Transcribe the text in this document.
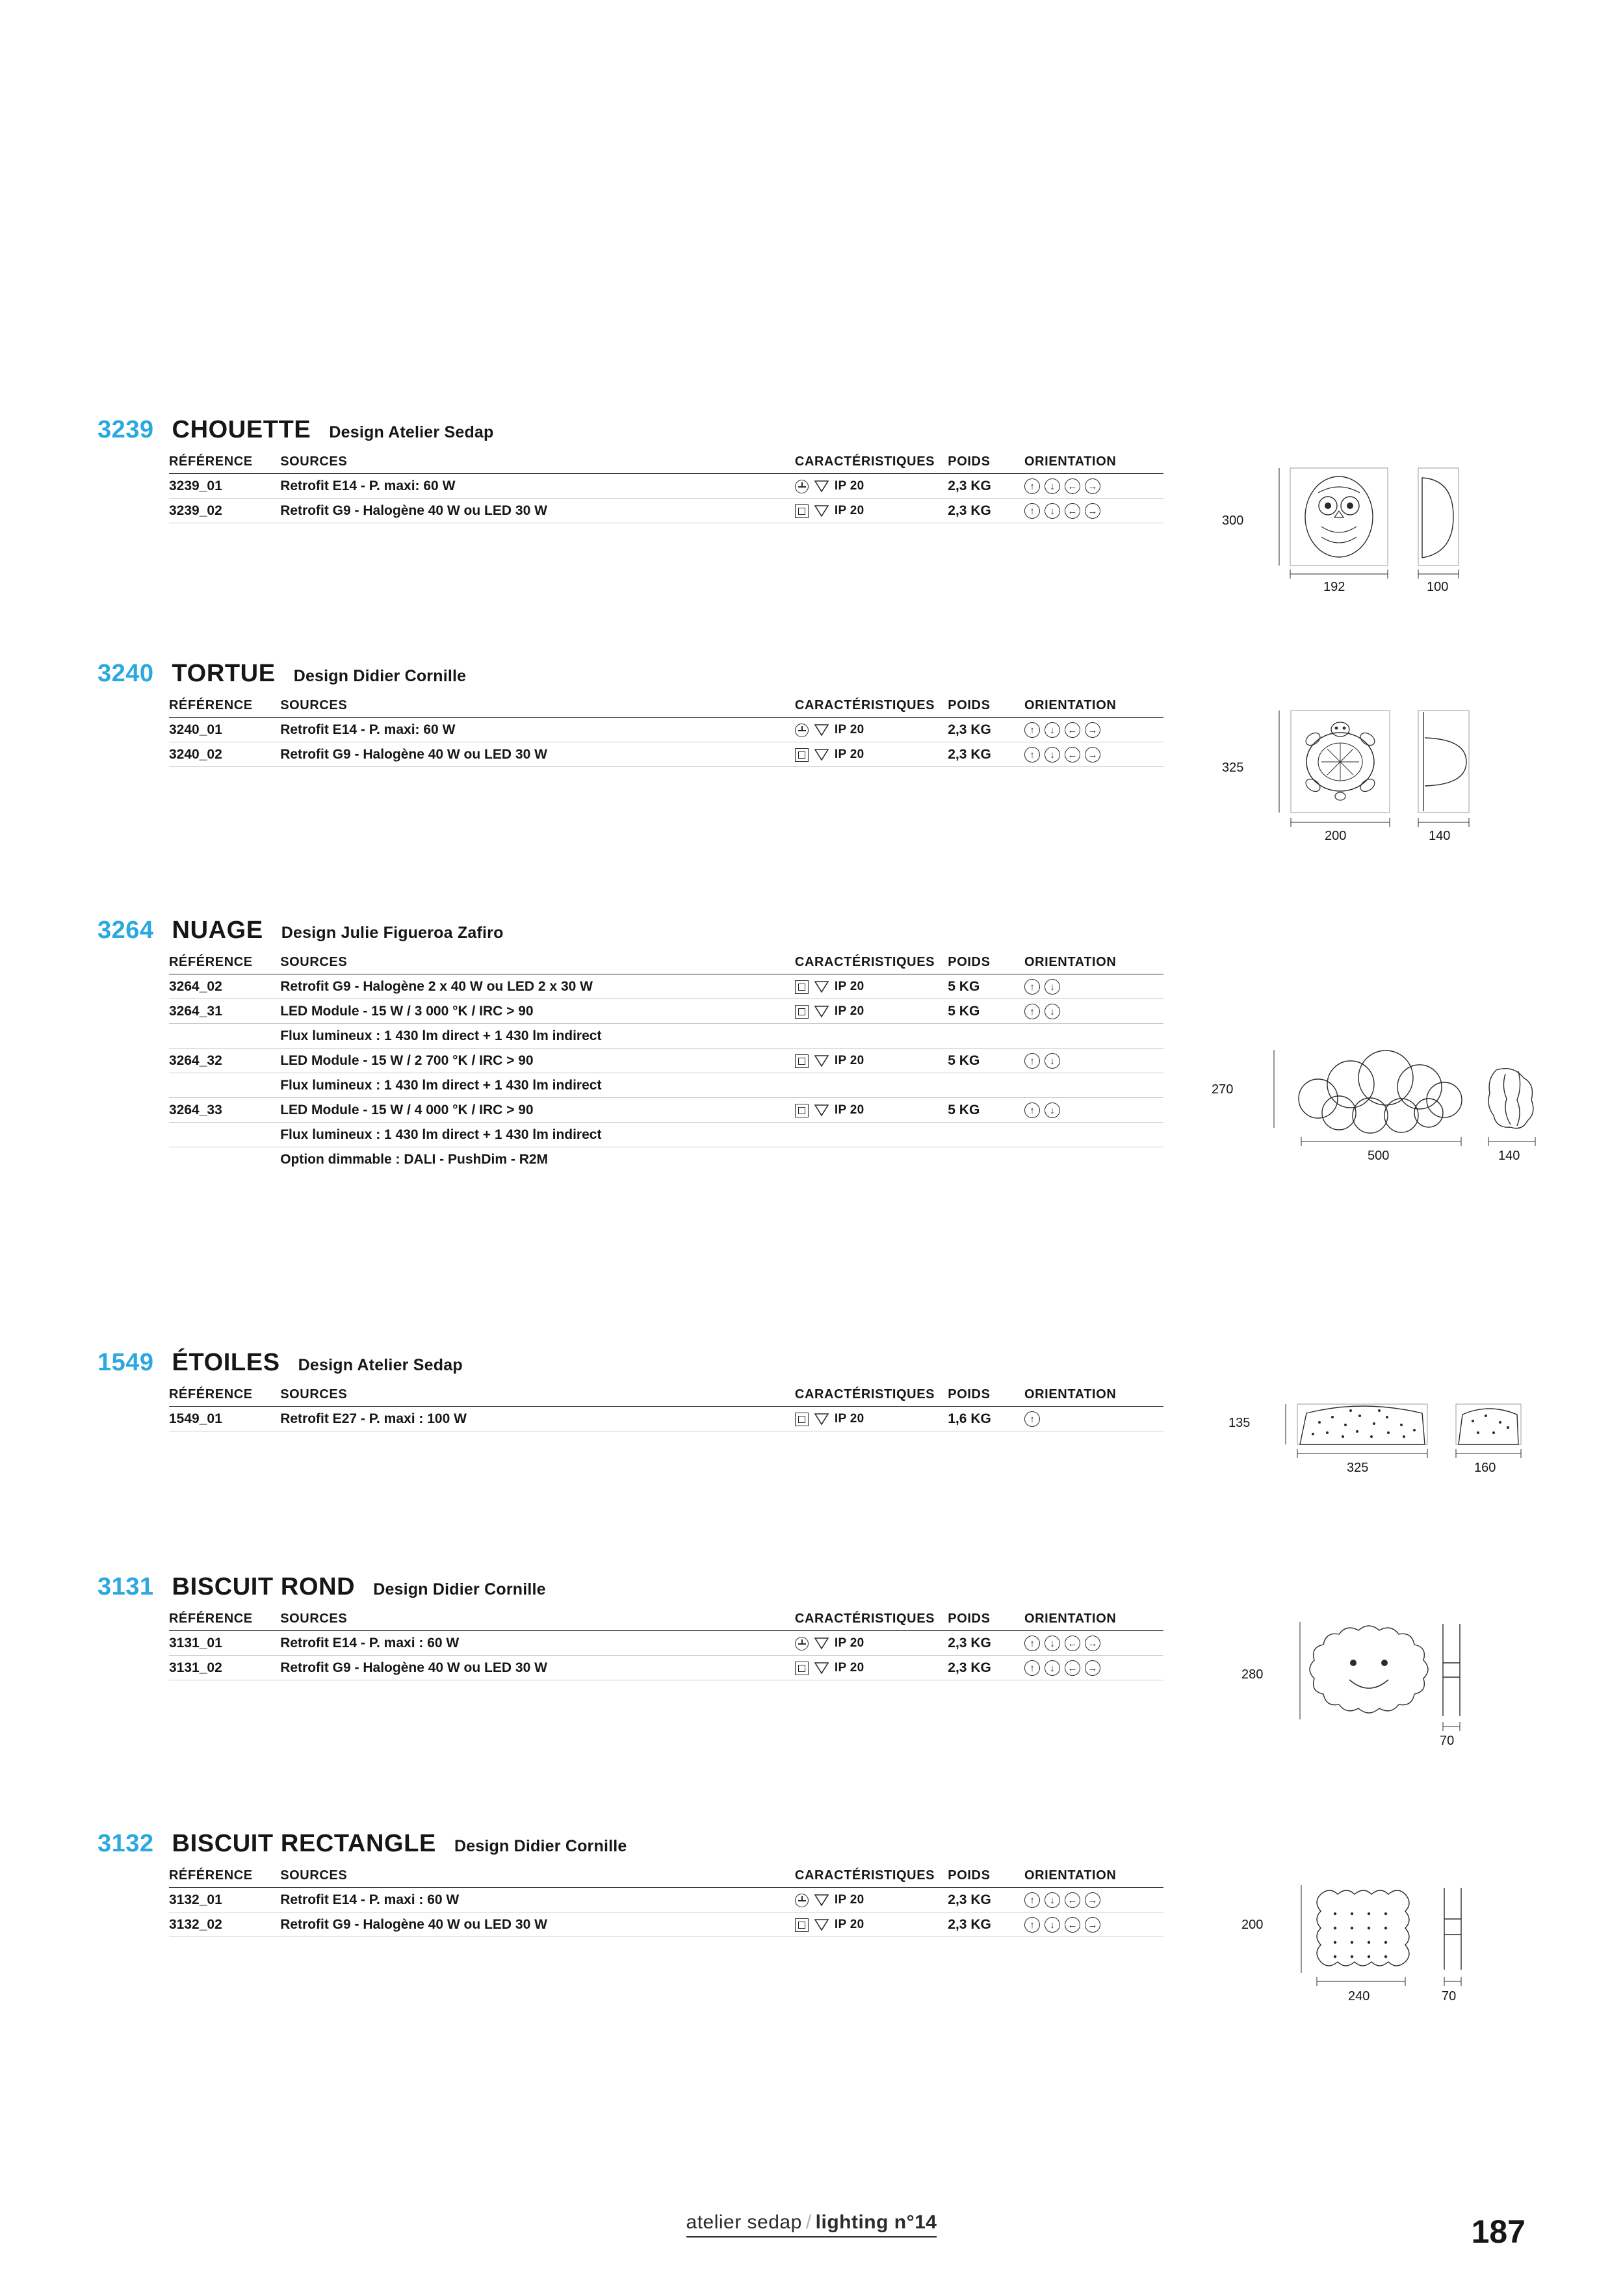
3239 CHOUETTE Design Atelier Sedap
RÉFÉRENCE	SOURCES	CARACTÉRISTIQUES	POIDS	ORIENTATION
3239_01	Retrofit E14 - P. maxi: 60 W	IP 20	2,3 KG	↑ ↓ ← →

3239_02	Retrofit G9 - Halogène 40 W ou LED 30 W	IP 20	2,3 KG	↑ ↓ ← →
300
192	100
3240 TORTUE Design Didier Cornille
RÉFÉRENCE	SOURCES	CARACTÉRISTIQUES	POIDS	ORIENTATION
3240_01	Retrofit E14 - P. maxi: 60 W	IP 20	2,3 KG	↑ ↓ ← →

3240_02	Retrofit G9 - Halogène 40 W ou LED 30 W	IP 20	2,3 KG	↑ ↓ ← →
325
200	140
3264 NUAGE Design Julie Figueroa Zafiro
RÉFÉRENCE	SOURCES	CARACTÉRISTIQUES	POIDS	ORIENTATION
3264_02	Retrofit G9 - Halogène 2 x 40 W ou LED 2 x 30 W	IP 20	5 KG	↑ ↓

3264_31	LED Module - 15 W / 3 000 °K / IRC > 90	IP 20	5 KG	↑ ↓

	Flux lumineux : 1 430 lm direct + 1 430 lm indirect			
3264_32	LED Module - 15 W / 2 700 °K / IRC > 90	IP 20	5 KG	↑ ↓

	Flux lumineux : 1 430 lm direct + 1 430 lm indirect			
3264_33	LED Module - 15 W / 4 000 °K / IRC > 90	IP 20	5 KG	↑ ↓

	Flux lumineux : 1 430 lm direct + 1 430 lm indirect			
	Option dimmable : DALI - PushDim - R2M			
270
500	140
1549 ÉTOILES Design Atelier Sedap
RÉFÉRENCE	SOURCES	CARACTÉRISTIQUES	POIDS	ORIENTATION
1549_01	Retrofit E27 - P. maxi : 100 W	IP 20	1,6 KG	↑	135
325	160
3131 BISCUIT ROND Design Didier Cornille
RÉFÉRENCE	SOURCES	CARACTÉRISTIQUES	POIDS	ORIENTATION
3131_01	Retrofit E14 - P. maxi : 60 W	IP 20	2,3 KG	↑ ↓ ← →

3131_02	Retrofit G9 - Halogène 40 W ou LED 30 W	IP 20	2,3 KG	↑ ↓ ← →	280
70
3132 BISCUIT RECTANGLE Design Didier Cornille
RÉFÉRENCE	SOURCES	CARACTÉRISTIQUES	POIDS	ORIENTATION
3132_01	Retrofit E14 - P. maxi : 60 W	IP 20	2,3 KG	↑ ↓ ← →

3132_02	Retrofit G9 - Halogène 40 W ou LED 30 W	IP 20	2,3 KG	↑ ↓ ← →	200
240	70
atelier sedap / lighting n°14	187
